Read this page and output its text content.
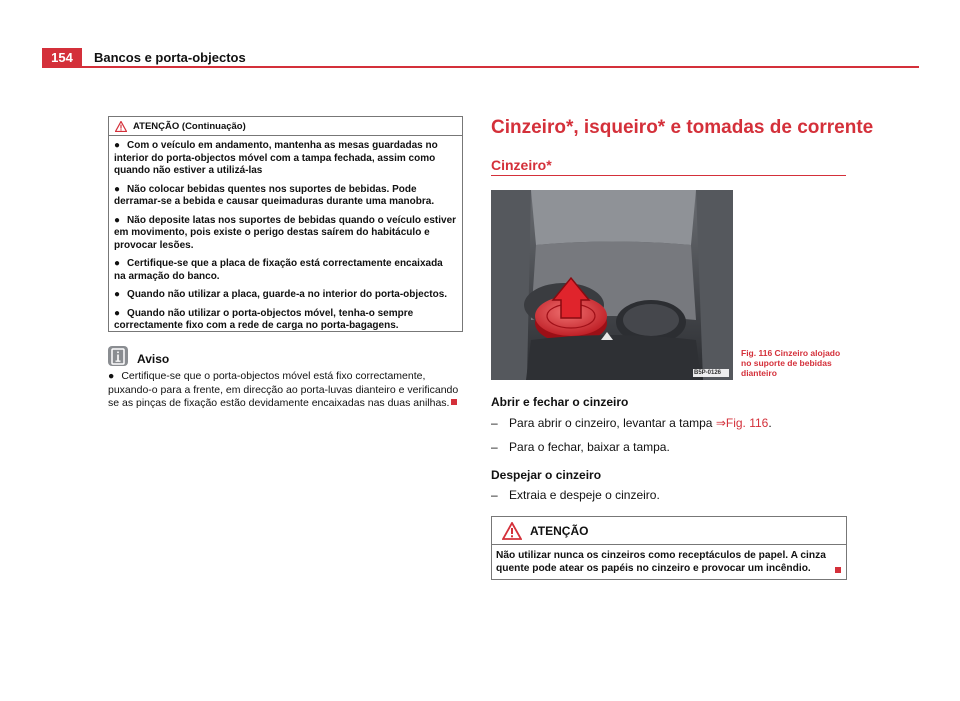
154	Bancos e porta-objectos
ATENÇÃO (Continuação)

● Com o veículo em andamento, mantenha as mesas guardadas no interior do porta-objectos móvel com a tampa fechada, assim como quando não estiver a utilizá-las

● Não colocar bebidas quentes nos suportes de bebidas. Pode derramar-se a bebida e causar queimaduras durante uma manobra.

● Não deposite latas nos suportes de bebidas quando o veículo estiver em movimento, pois existe o perigo destas saírem do habitáculo e provocar lesões.

● Certifique-se que a placa de fixação está correctamente encaixada na armação do banco.

● Quando não utilizar a placa, guarde-a no interior do porta-objectos.

● Quando não utilizar o porta-objectos móvel, tenha-o sempre correctamente fixo com a rede de carga no porta-bagagens.

Aviso
● Certifique-se que o porta-objectos móvel está fixo correctamente, puxando-o para a frente, em direcção ao porta-luvas dianteiro e verificando se as pinças de fixação estão devidamente encaixadas nas duas anilhas.
Cinzeiro*, isqueiro* e tomadas de corrente
Cinzeiro*
B5P-0126
Fig. 116 Cinzeiro alojado no suporte de bebidas dianteiro
Abrir e fechar o cinzeiro
– Para abrir o cinzeiro, levantar a tampa ⇒Fig. 116.
– Para o fechar, baixar a tampa.
Despejar o cinzeiro
– Extraia e despeje o cinzeiro.
ATENÇÃO
Não utilizar nunca os cinzeiros como receptáculos de papel. A cinza quente pode atear os papéis no cinzeiro e provocar um incêndio.
